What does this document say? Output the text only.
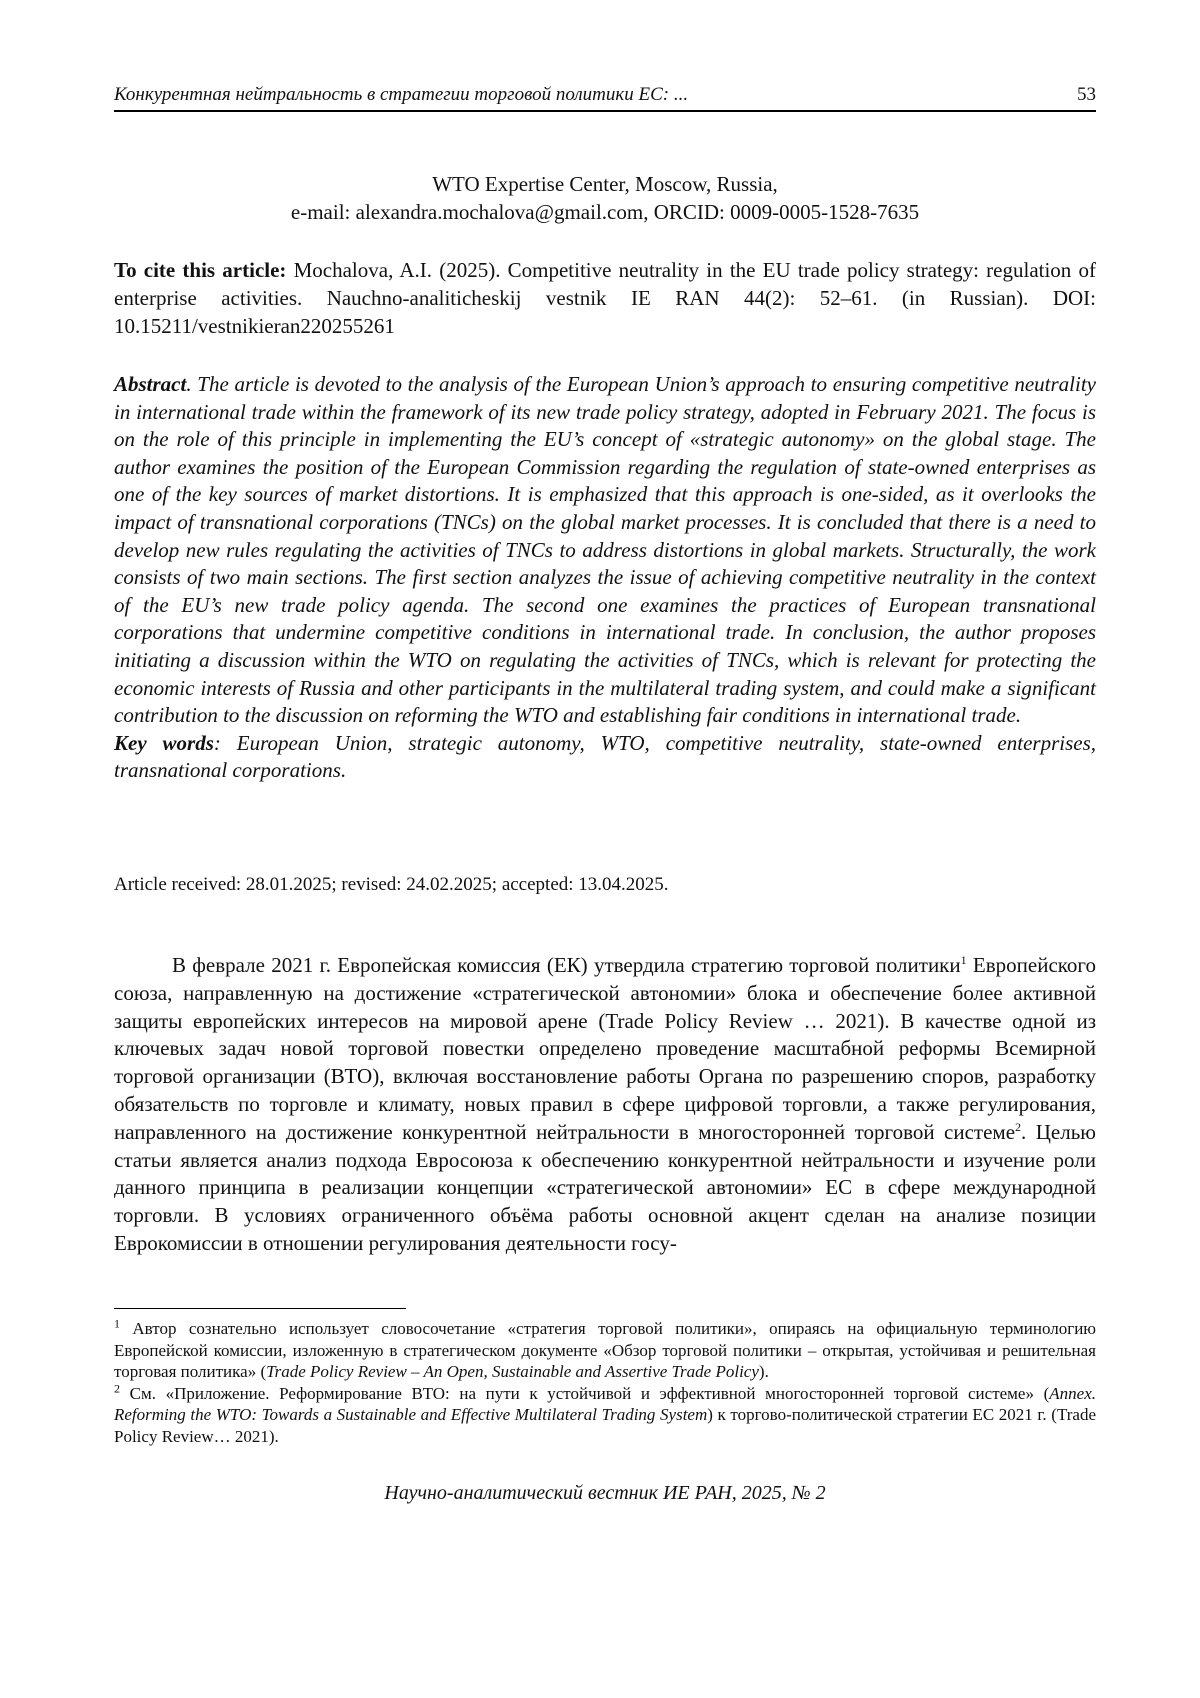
Конкурентная нейтральность в стратегии торговой политики ЕС: ...	53
WTO Expertise Center, Moscow, Russia,
e-mail: alexandra.mochalova@gmail.com, ORCID: 0009-0005-1528-7635
To cite this article: Mochalova, A.I. (2025). Competitive neutrality in the EU trade policy strategy: regulation of enterprise activities. Nauchno-analiticheskij vestnik IE RAN 44(2): 52–61. (in Russian). DOI: 10.15211/vestnikieran220255261
Abstract. The article is devoted to the analysis of the European Union’s approach to ensuring competitive neutrality in international trade within the framework of its new trade policy strategy, adopted in February 2021. The focus is on the role of this principle in implementing the EU’s concept of «strategic autonomy» on the global stage. The author examines the position of the European Commission regarding the regulation of state-owned enterprises as one of the key sources of market distortions. It is emphasized that this approach is one-sided, as it overlooks the impact of transnational corporations (TNCs) on the global market processes. It is concluded that there is a need to develop new rules regulating the activities of TNCs to address distortions in global markets. Structurally, the work consists of two main sections. The first section analyzes the issue of achieving competitive neutrality in the context of the EU’s new trade policy agenda. The second one examines the practices of European transnational corporations that undermine competitive conditions in international trade. In conclusion, the author proposes initiating a discussion within the WTO on regulating the activities of TNCs, which is relevant for protecting the economic interests of Russia and other participants in the multilateral trading system, and could make a significant contribution to the discussion on reforming the WTO and establishing fair conditions in international trade.
Key words: European Union, strategic autonomy, WTO, competitive neutrality, state-owned enterprises, transnational corporations.
Article received: 28.01.2025; revised: 24.02.2025; accepted: 13.04.2025.
В феврале 2021 г. Европейская комиссия (ЕК) утвердила стратегию торговой политики$^1$ Европейского союза, направленную на достижение «стратегической автономии» блока и обеспечение более активной защиты европейских интересов на мировой арене (Trade Policy Review … 2021). В качестве одной из ключевых задач новой торговой повестки определено проведение масштабной реформы Всемирной торговой организации (ВТО), включая восстановление работы Органа по разрешению споров, разработку обязательств по торговле и климату, новых правил в сфере цифровой торговли, а также регулирования, направленного на достижение конкурентной нейтральности в многосторонней торговой системе$^2$. Целью статьи является анализ подхода Евросоюза к обеспечению конкурентной нейтральности и изучение роли данного принципа в реализации концепции «стратегической автономии» ЕС в сфере международной торговли. В условиях ограниченного объёма работы основной акцент сделан на анализе позиции Еврокомиссии в отношении регулирования деятельности госу-

$^1$ Автор сознательно использует словосочетание «стратегия торговой политики», опираясь на официальную терминологию Европейской комиссии, изложенную в стратегическом документе «Обзор торговой политики – открытая, устойчивая и решительная торговая политика» (Trade Policy Review – An Open, Sustainable and Assertive Trade Policy).

$^2$ См. «Приложение. Реформирование ВТО: на пути к устойчивой и эффективной многосторонней торговой системе» (Annex. Reforming the WTO: Towards a Sustainable and Effective Multilateral Trading System) к торгово-политической стратегии ЕС 2021 г. (Trade Policy Review… 2021).

Научно-аналитический вестник ИЕ РАН, 2025, № 2
